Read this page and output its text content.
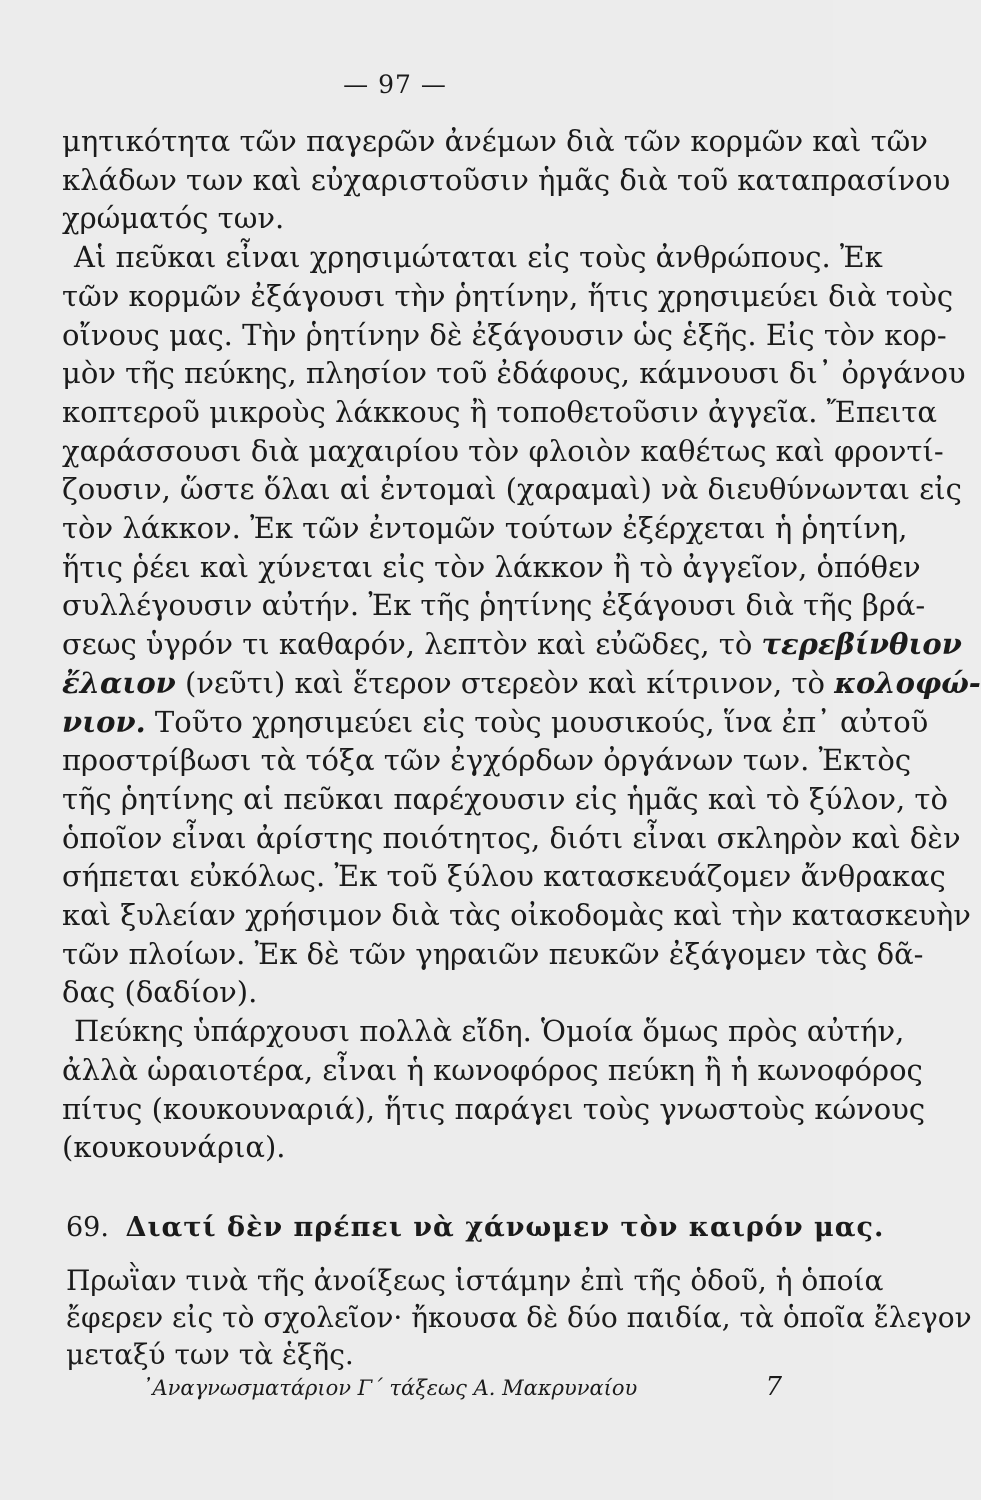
— 97 —
μητικότητα τῶν παγερῶν ἀνέμων διὰ τῶν κορμῶν καὶ τῶν
κλάδων των καὶ εὐχαριστοῦσιν ἡμᾶς διὰ τοῦ καταπρασίνου
χρώματός των.
Αἱ πεῦκαι εἶναι χρησιμώταται εἰς τοὺς ἀνθρώπους. Ἐκ
τῶν κορμῶν ἐξάγουσι τὴν ῥητίνην, ἥτις χρησιμεύει διὰ τοὺς
οἴνους μας. Τὴν ῥητίνην δὲ ἐξάγουσιν ὡς ἑξῆς. Εἰς τὸν κορ-
μὸν τῆς πεύκης, πλησίον τοῦ ἐδάφους, κάμνουσι δι᾽ ὀργάνου
κοπτεροῦ μικροὺς λάκκους ἢ τοποθετοῦσιν ἀγγεῖα. Ἔπειτα
χαράσσουσι διὰ μαχαιρίου τὸν φλοιὸν καθέτως καὶ φροντί-
ζουσιν, ὥστε ὅλαι αἱ ἐντομαὶ (χαραμαὶ) νὰ διευθύνωνται εἰς
τὸν λάκκον. Ἐκ τῶν ἐντομῶν τούτων ἐξέρχεται ἡ ῥητίνη,
ἥτις ῥέει καὶ χύνεται εἰς τὸν λάκκον ἢ τὸ ἀγγεῖον, ὁπόθεν
συλλέγουσιν αὐτήν. Ἐκ τῆς ῥητίνης ἐξάγουσι διὰ τῆς βρά-
σεως ὑγρόν τι καθαρόν, λεπτὸν καὶ εὐῶδες, τὸ τερεβίνθιον
ἔλαιον (νεῦτι) καὶ ἕτερον στερεὸν καὶ κίτρινον, τὸ κολοφώ-
νιον. Τοῦτο χρησιμεύει εἰς τοὺς μουσικούς, ἵνα ἐπ᾽ αὐτοῦ
προστρίβωσι τὰ τόξα τῶν ἐγχόρδων ὀργάνων των. Ἐκτὸς
τῆς ῥητίνης αἱ πεῦκαι παρέχουσιν εἰς ἡμᾶς καὶ τὸ ξύλον, τὸ
ὁποῖον εἶναι ἀρίστης ποιότητος, διότι εἶναι σκληρὸν καὶ δὲν
σήπεται εὐκόλως. Ἐκ τοῦ ξύλου κατασκευάζομεν ἄνθρακας
καὶ ξυλείαν χρήσιμον διὰ τὰς οἰκοδομὰς καὶ τὴν κατασκευὴν
τῶν πλοίων. Ἐκ δὲ τῶν γηραιῶν πευκῶν ἐξάγομεν τὰς δᾶ-
δας (δαδίον).
Πεύκης ὑπάρχουσι πολλὰ εἴδη. Ὁμοία ὅμως πρὸς αὐτήν,
ἀλλὰ ὡραιοτέρα, εἶναι ἡ κωνοφόρος πεύκη ἢ ἡ κωνοφόρος
πίτυς (κουκουναριά), ἥτις παράγει τοὺς γνωστοὺς κώνους
(κουκουνάρια).
69. Διατί δὲν πρέπει νὰ χάνωμεν τὸν καιρόν μας.
Πρωῒαν τινὰ τῆς ἀνοίξεως ἱστάμην ἐπὶ τῆς ὁδοῦ, ἡ ὁποία
ἔφερεν εἰς τὸ σχολεῖον· ἤκουσα δὲ δύο παιδία, τὰ ὁποῖα ἔλεγον
μεταξύ των τὰ ἑξῆς.
᾽Αναγνωσματάριον Γ΄ τάξεως Α. Μακρυναίου	7
